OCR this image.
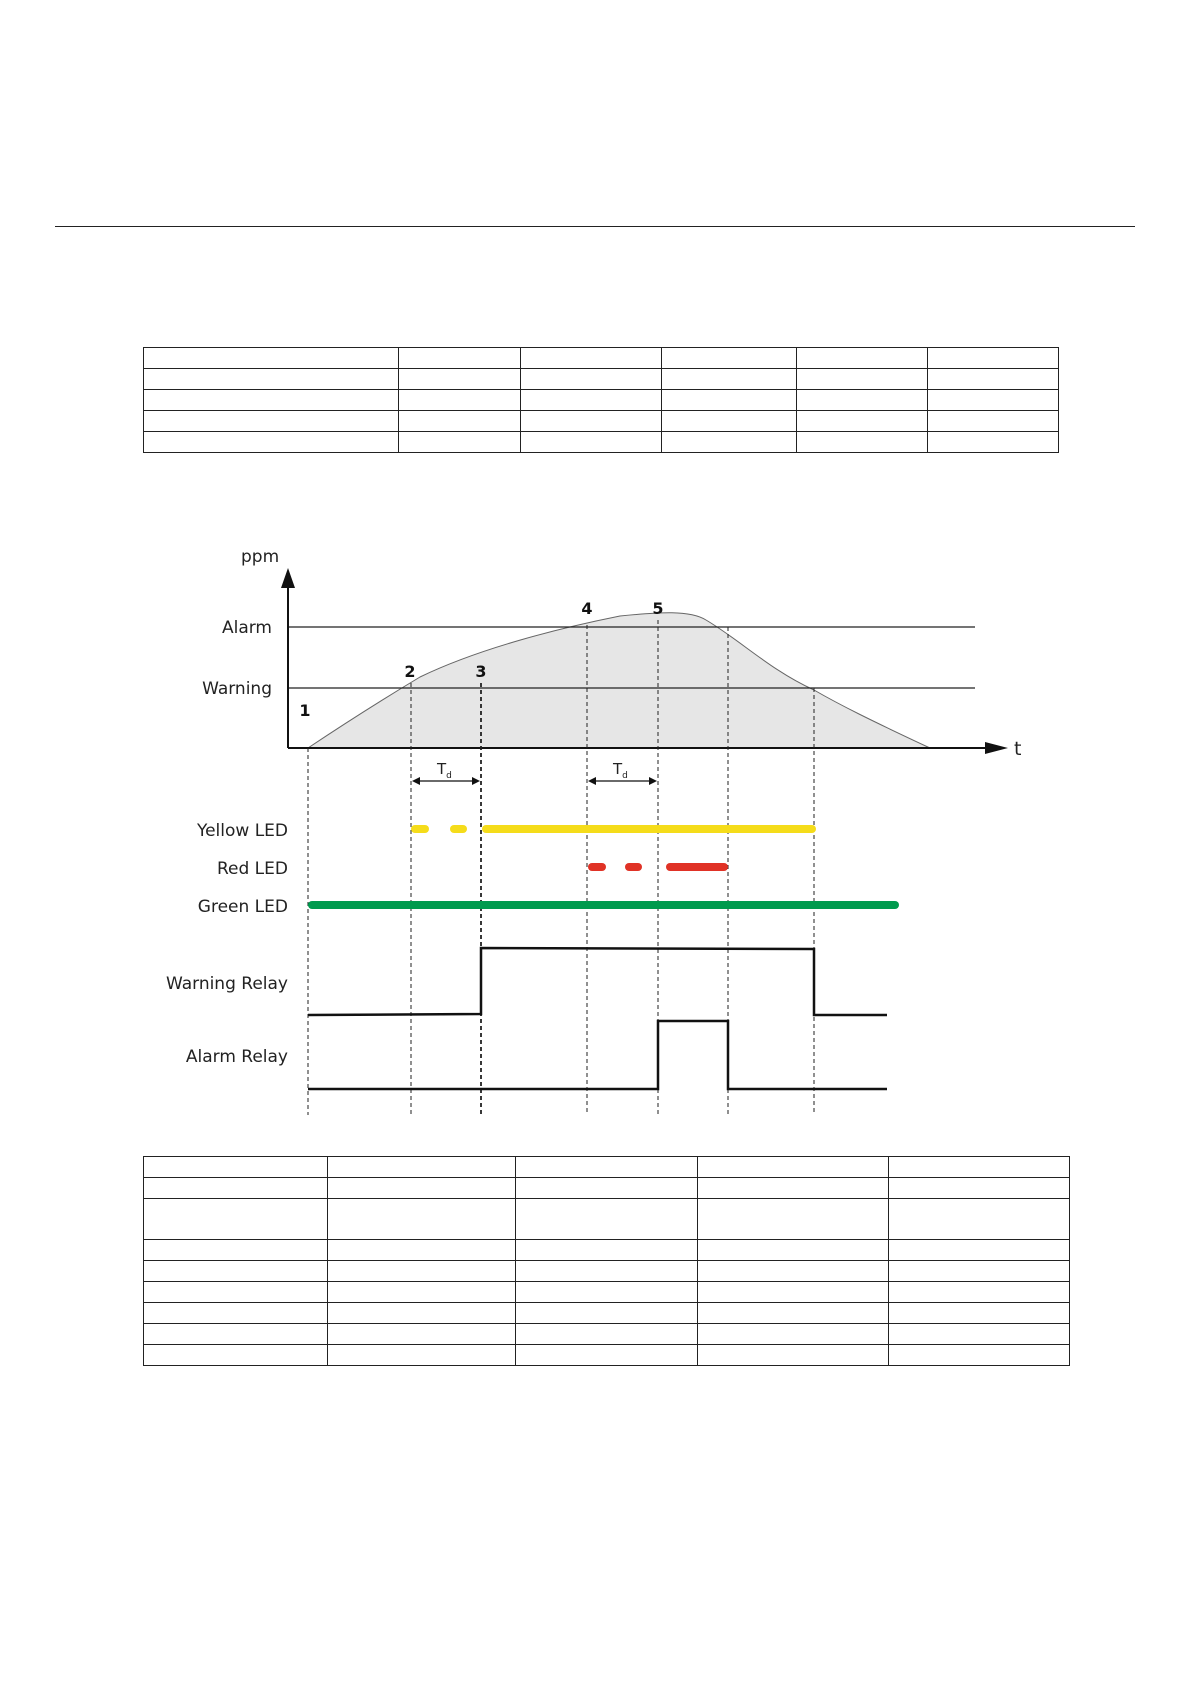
ppm
t
Alarm
Warning
1
2	3
4	5
$T_d$	$T_d$
Yellow LED
Red LED
Green LED
Warning Relay
Alarm Relay
